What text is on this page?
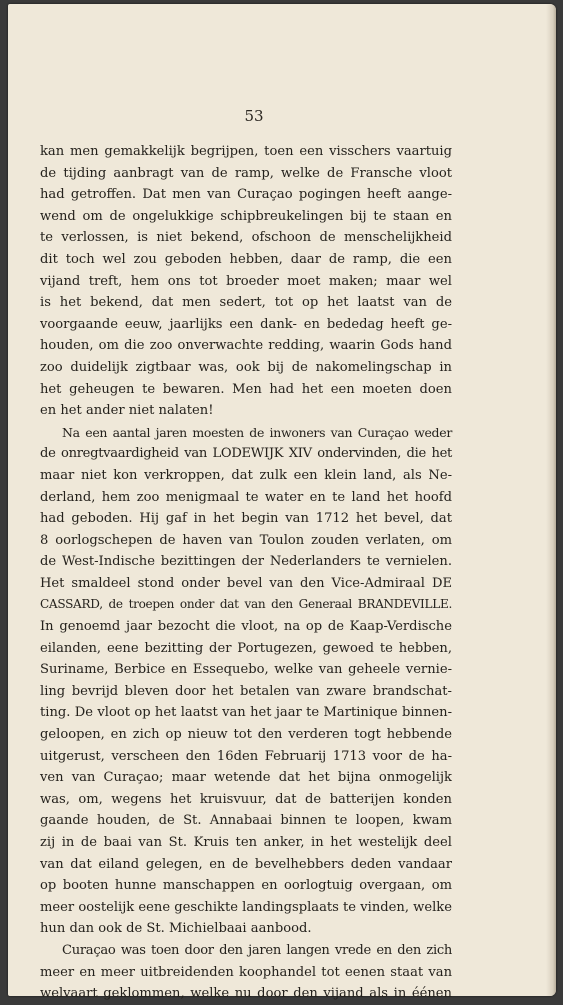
53
kan men gemakkelijk begrijpen, toen een visschers vaartuig
de tijding aanbragt van de ramp, welke de Fransche vloot
had getroffen. Dat men van Curaçao pogingen heeft aange-
wend om de ongelukkige schipbreukelingen bij te staan en
te verlossen, is niet bekend, ofschoon de menschelijkheid
dit toch wel zou geboden hebben, daar de ramp, die een
vijand treft, hem ons tot broeder moet maken; maar wel
is het bekend, dat men sedert, tot op het laatst van de
voorgaande eeuw, jaarlijks een dank- en bededag heeft ge-
houden, om die zoo onverwachte redding, waarin Gods hand
zoo duidelijk zigtbaar was, ook bij de nakomelingschap in
het geheugen te bewaren. Men had het een moeten doen
en het ander niet nalaten!
Na een aantal jaren moesten de inwoners van Curaçao weder
de onregtvaardigheid van LODEWIJK XIV ondervinden, die het
maar niet kon verkroppen, dat zulk een klein land, als Ne-
derland, hem zoo menigmaal te water en te land het hoofd
had geboden. Hij gaf in het begin van 1712 het bevel, dat
8 oorlogschepen de haven van Toulon zouden verlaten, om
de West-Indische bezittingen der Nederlanders te vernielen.
Het smaldeel stond onder bevel van den Vice-Admiraal DE
CASSARD, de troepen onder dat van den Generaal BRANDEVILLE.
In genoemd jaar bezocht die vloot, na op de Kaap-Verdische
eilanden, eene bezitting der Portugezen, gewoed te hebben,
Suriname, Berbice en Essequebo, welke van geheele vernie-
ling bevrijd bleven door het betalen van zware brandschat-
ting. De vloot op het laatst van het jaar te Martinique binnen-
geloopen, en zich op nieuw tot den verderen togt hebbende
uitgerust, verscheen den 16den Februarij 1713 voor de ha-
ven van Curaçao; maar wetende dat het bijna onmogelijk
was, om, wegens het kruisvuur, dat de batterijen konden
gaande houden, de St. Annabaai binnen te loopen, kwam
zij in de baai van St. Kruis ten anker, in het westelijk deel
van dat eiland gelegen, en de bevelhebbers deden vandaar
op booten hunne manschappen en oorlogtuig overgaan, om
meer oostelijk eene geschikte landingsplaats te vinden, welke
hun dan ook de St. Michielbaai aanbood.
Curaçao was toen door den jaren langen vrede en den zich
meer en meer uitbreidenden koophandel tot eenen staat van
welvaart geklommen, welke nu door den vijand als in éénen
